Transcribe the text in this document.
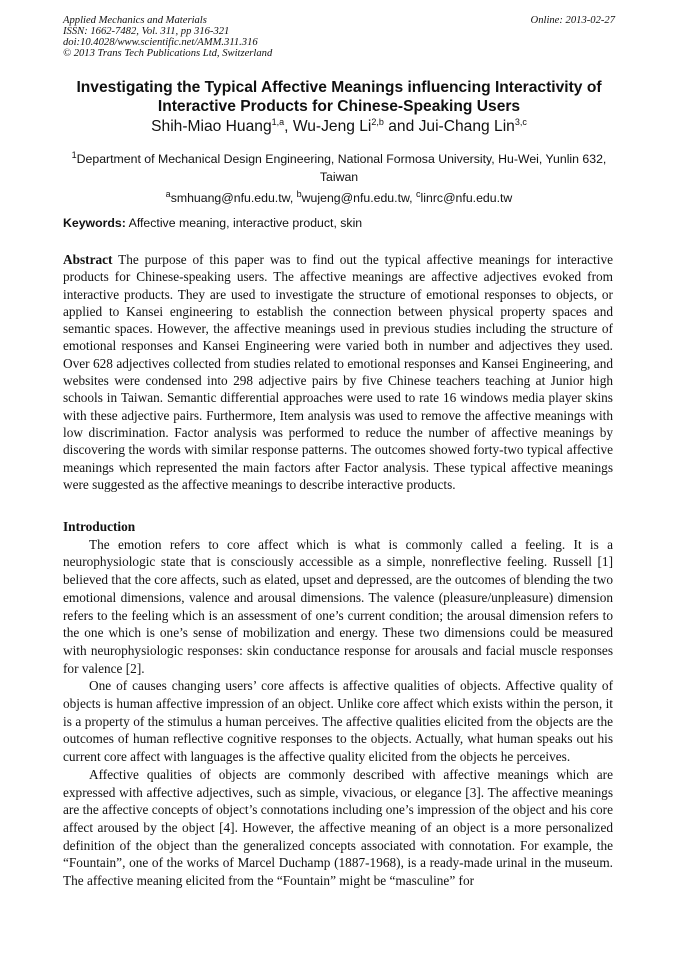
Applied Mechanics and Materials
ISSN: 1662-7482, Vol. 311, pp 316-321
doi:10.4028/www.scientific.net/AMM.311.316
© 2013 Trans Tech Publications Ltd, Switzerland
Online: 2013-02-27
Investigating the Typical Affective Meanings influencing Interactivity of Interactive Products for Chinese-Speaking Users
Shih-Miao Huang$^{1,a}$, Wu-Jeng Li$^{2,b}$ and Jui-Chang Lin$^{3,c}$
$^1$Department of Mechanical Design Engineering, National Formosa University, Hu-Wei, Yunlin 632, Taiwan
$^a$smhuang@nfu.edu.tw, $^b$wujeng@nfu.edu.tw, $^c$linrc@nfu.edu.tw
Keywords: Affective meaning, interactive product, skin
Abstract The purpose of this paper was to find out the typical affective meanings for interactive products for Chinese-speaking users. The affective meanings are affective adjectives evoked from interactive products. They are used to investigate the structure of emotional responses to objects, or applied to Kansei engineering to establish the connection between physical property spaces and semantic spaces. However, the affective meanings used in previous studies including the structure of emotional responses and Kansei Engineering were varied both in number and adjectives they used. Over 628 adjectives collected from studies related to emotional responses and Kansei Engineering, and websites were condensed into 298 adjective pairs by five Chinese teachers teaching at Junior high schools in Taiwan. Semantic differential approaches were used to rate 16 windows media player skins with these adjective pairs. Furthermore, Item analysis was used to remove the affective meanings with low discrimination. Factor analysis was performed to reduce the number of affective meanings by discovering the words with similar response patterns. The outcomes showed forty-two typical affective meanings which represented the main factors after Factor analysis. These typical affective meanings were suggested as the affective meanings to describe interactive products.
Introduction

The emotion refers to core affect which is what is commonly called a feeling. It is a neurophysiologic state that is consciously accessible as a simple, nonreflective feeling. Russell [1] believed that the core affects, such as elated, upset and depressed, are the outcomes of blending the two emotional dimensions, valence and arousal dimensions. The valence (pleasure/unpleasure) dimension refers to the feeling which is an assessment of one’s current condition; the arousal dimension refers to the one which is one’s sense of mobilization and energy. These two dimensions could be measured with neurophysiologic responses: skin conductance response for arousals and facial muscle responses for valence [2].

One of causes changing users’ core affects is affective qualities of objects. Affective quality of objects is human affective impression of an object. Unlike core affect which exists within the person, it is a property of the stimulus a human perceives. The affective qualities elicited from the objects are the outcomes of human reflective cognitive responses to the objects. Actually, what human speaks out his current core affect with languages is the affective quality elicited from the objects he perceives.

Affective qualities of objects are commonly described with affective meanings which are expressed with affective adjectives, such as simple, vivacious, or elegance [3]. The affective meanings are the affective concepts of object’s connotations including one’s impression of the object and his core affect aroused by the object [4]. However, the affective meaning of an object is a more personalized definition of the object than the generalized concepts associated with connotation. For example, the “Fountain”, one of the works of Marcel Duchamp (1887-1968), is a ready-made urinal in the museum. The affective meaning elicited from the “Fountain” might be “masculine” for
